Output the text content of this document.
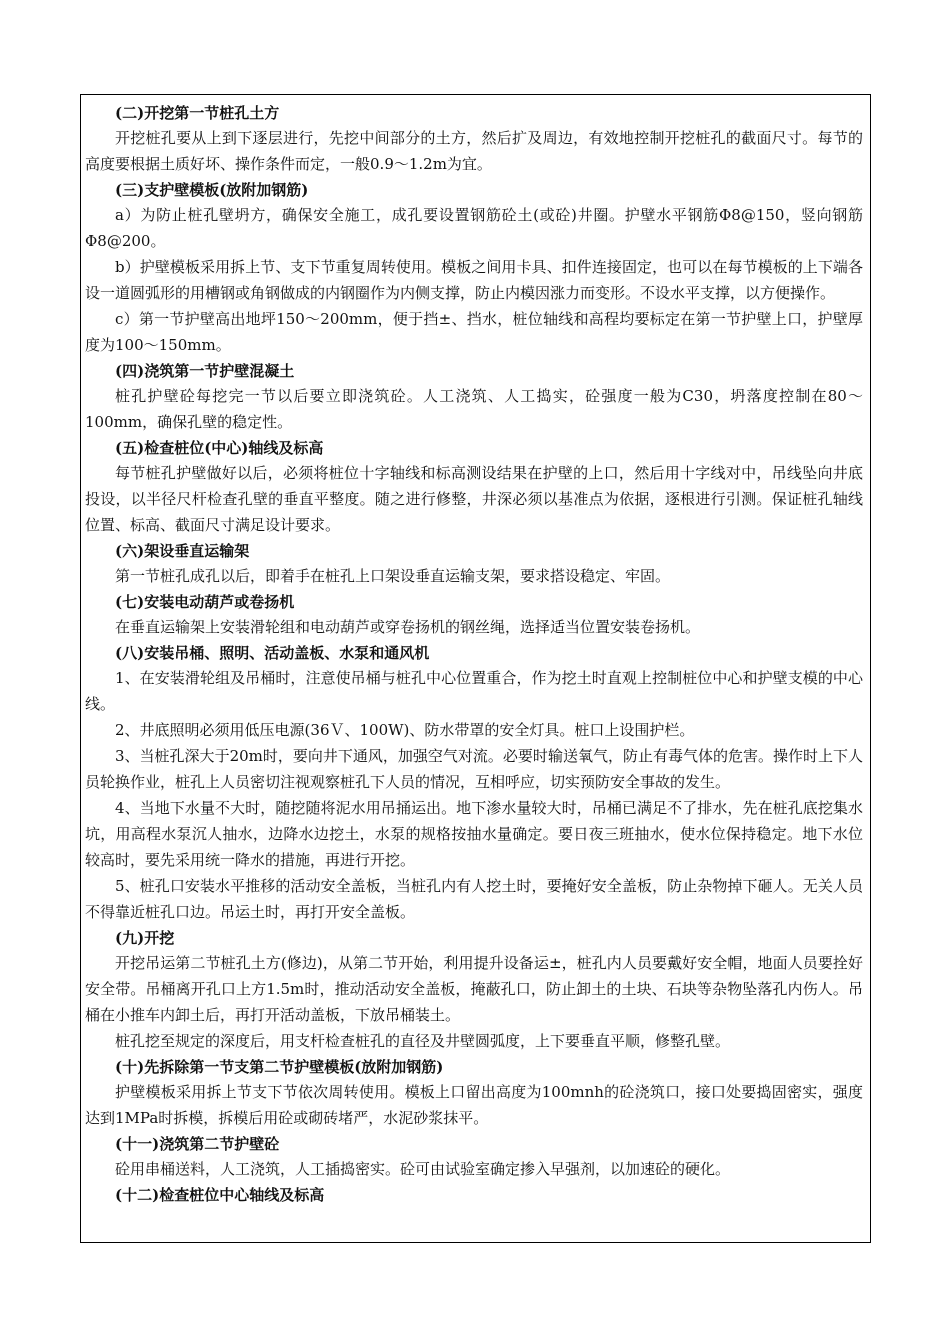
(二)开挖第一节桩孔土方
开挖桩孔要从上到下逐层进行，先挖中间部分的土方，然后扩及周边，有效地控制开挖桩孔的截面尺寸。每节的高度要根据土质好坏、操作条件而定，一般0.9～1.2m为宜。
(三)支护壁模板(放附加钢筋)
a）为防止桩孔壁坍方，确保安全施工，成孔要设置钢筋砼土(或砼)井圈。护壁水平钢筋Φ8@150，竖向钢筋Φ8@200。
b）护壁模板采用拆上节、支下节重复周转使用。模板之间用卡具、扣件连接固定，也可以在每节模板的上下端各设一道圆弧形的用槽钢或角钢做成的内钢圈作为内侧支撑，防止内模因涨力而变形。不设水平支撑，以方便操作。
c）第一节护壁高出地坪150～200mm，便于挡±、挡水，桩位轴线和高程均要标定在第一节护壁上口，护壁厚度为100～150mm。
(四)浇筑第一节护壁混凝土
桩孔护壁砼每挖完一节以后要立即浇筑砼。人工浇筑、人工捣实，砼强度一般为C30，坍落度控制在80～100mm，确保孔壁的稳定性。
(五)检查桩位(中心)轴线及标高
每节桩孔护壁做好以后，必须将桩位十字轴线和标高测设结果在护壁的上口，然后用十字线对中，吊线坠向井底投设，以半径尺杆检查孔壁的垂直平整度。随之进行修整，井深必须以基准点为依据，逐根进行引测。保证桩孔轴线位置、标高、截面尺寸满足设计要求。
(六)架设垂直运输架
第一节桩孔成孔以后，即着手在桩孔上口架设垂直运输支架，要求搭设稳定、牢固。
(七)安装电动葫芦或卷扬机
在垂直运输架上安装滑轮组和电动葫芦或穿卷扬机的钢丝绳，选择适当位置安装卷扬机。
(八)安装吊桶、照明、活动盖板、水泵和通风机
1、在安装滑轮组及吊桶时，注意使吊桶与桩孔中心位置重合，作为挖土时直观上控制桩位中心和护壁支模的中心线。
2、井底照明必须用低压电源(36Ｖ、100W)、防水带罩的安全灯具。桩口上设围护栏。
3、当桩孔深大于20m时，要向井下通风，加强空气对流。必要时输送氧气，防止有毒气体的危害。操作时上下人员轮换作业，桩孔上人员密切注视观察桩孔下人员的情况，互相呼应，切实预防安全事故的发生。
4、当地下水量不大时，随挖随将泥水用吊捅运出。地下渗水量较大时，吊桶已满足不了排水，先在桩孔底挖集水坑，用高程水泵沉人抽水，边降水边挖土，水泵的规格按抽水量确定。要日夜三班抽水，使水位保持稳定。地下水位较高时，要先采用统一降水的措施，再进行开挖。
5、桩孔口安装水平推移的活动安全盖板，当桩孔内有人挖土时，要掩好安全盖板，防止杂物掉下砸人。无关人员不得靠近桩孔口边。吊运土时，再打开安全盖板。
(九)开挖
开挖吊运第二节桩孔土方(修边)，从第二节开始，利用提升设备运±，桩孔内人员要戴好安全帽，地面人员要拴好安全带。吊桶离开孔口上方1.5m时，推动活动安全盖板，掩蔽孔口，防止卸土的土块、石块等杂物坠落孔内伤人。吊桶在小推车内卸土后，再打开活动盖板，下放吊桶装土。
桩孔挖至规定的深度后，用支杆检查桩孔的直径及井壁圆弧度，上下要垂直平顺，修整孔壁。
(十)先拆除第一节支第二节护壁模板(放附加钢筋)
护壁模板采用拆上节支下节依次周转使用。模板上口留出高度为100mnh的砼浇筑口，接口处要捣固密实，强度达到1MPa时拆模，拆模后用砼或砌砖堵严，水泥砂浆抹平。
(十一)浇筑第二节护壁砼
砼用串桶送料，人工浇筑，人工插捣密实。砼可由试验室确定掺入早强剂，以加速砼的硬化。
(十二)检查桩位中心轴线及标高
